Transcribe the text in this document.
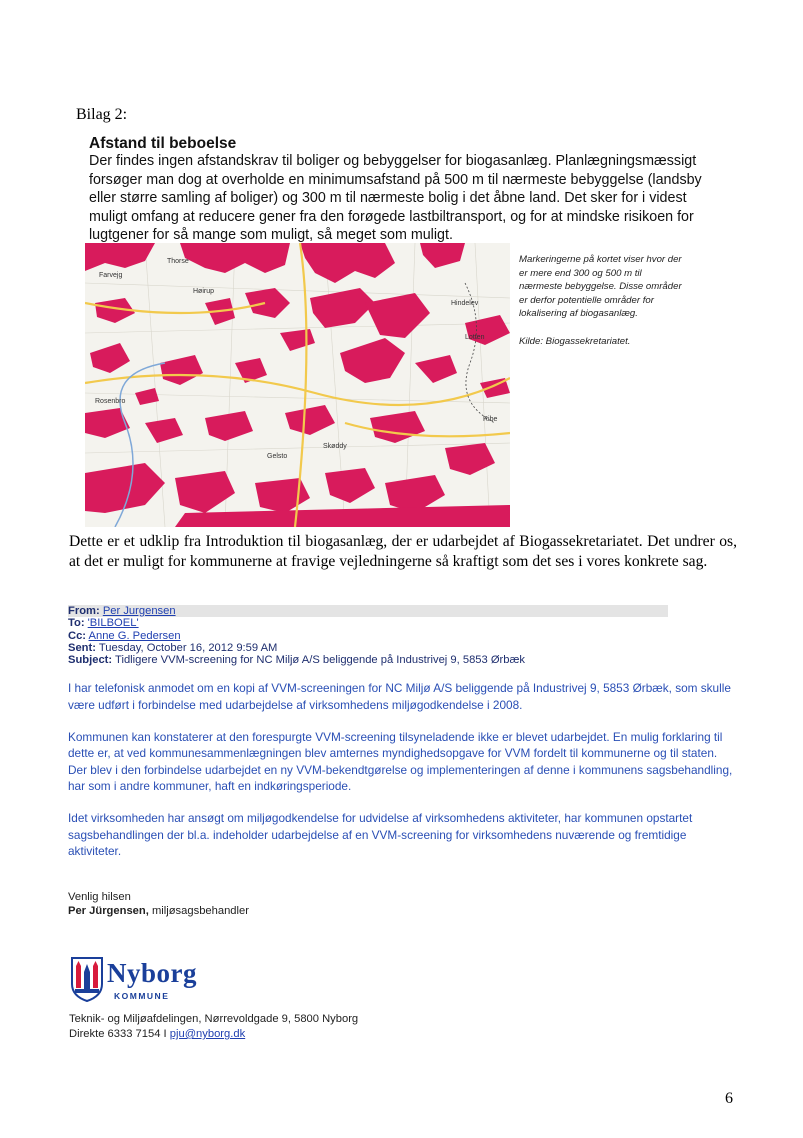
Bilag 2:
Afstand til beboelse

Der findes ingen afstandskrav til boliger og bebyggelser for biogasanlæg. Planlægningsmæssigt

forsøger man dog at overholde en minimumsafstand på 500 m til nærmeste bebyggelse (landsby

eller større samling af boliger) og 300 m til nærmeste bolig i det åbne land. Det sker for i videst

muligt omfang at reducere gener fra den forøgede lastbiltransport, og for at mindske risikoen for

lugtgener for så mange som muligt, så meget som muligt.

Thorse
Farvejg
Høirup
Hindelev
Lotten
Rosenbro
Gelsto
Skøddy
Ribe

Markeringerne på kortet viser hvor der

er mere end 300 og 500 m til

nærmeste bebyggelse. Disse områder

er derfor potentielle områder for

lokalisering af biogasanlæg.

Kilde: Biogassekretariatet.
Dette er et udklip fra Introduktion til biogasanlæg, der er udarbejdet af Biogassekretariatet. Det undrer os, at det er muligt for kommunerne at fravige vejledningerne så kraftigt som det ses i vores konkrete sag.
From: Per Jurgensen
To: 'BILBOEL'
Cc: Anne G. Pedersen
Sent: Tuesday, October 16, 2012 9:59 AM
Subject: Tidligere VVM-screening for NC Miljø A/S beliggende på Industrivej 9, 5853 Ørbæk

I har telefonisk anmodet om en kopi af VVM-screeningen for NC Miljø A/S beliggende på Industrivej 9, 5853 Ørbæk, som skulle være udført i forbindelse med udarbejdelse af virksomhedens miljøgodkendelse i 2008.

Kommunen kan konstaterer at den forespurgte VVM-screening tilsyneladende ikke er blevet udarbejdet. En mulig forklaring til dette er, at ved kommunesammenlægningen blev amternes myndighedsopgave for VVM fordelt til kommunerne og til staten. Der blev i den forbindelse udarbejdet en ny VVM-bekendtgørelse og implementeringen af denne i kommunens sagsbehandling, har som i andre kommuner, haft en indkøringsperiode.

Idet virksomheden har ansøgt om miljøgodkendelse for udvidelse af virksomhedens aktiviteter, har kommunen opstartet sagsbehandlingen der bl.a. indeholder udarbejdelse af en VVM-screening for virksomhedens nuværende og fremtidige aktiviteter.

Venlig hilsen
Per Jürgensen, miljøsagsbehandler
Nyborg
KOMMUNE
Teknik- og Miljøafdelingen, Nørrevoldgade 9, 5800 Nyborg
Direkte 6333 7154 I pju@nyborg.dk
6
